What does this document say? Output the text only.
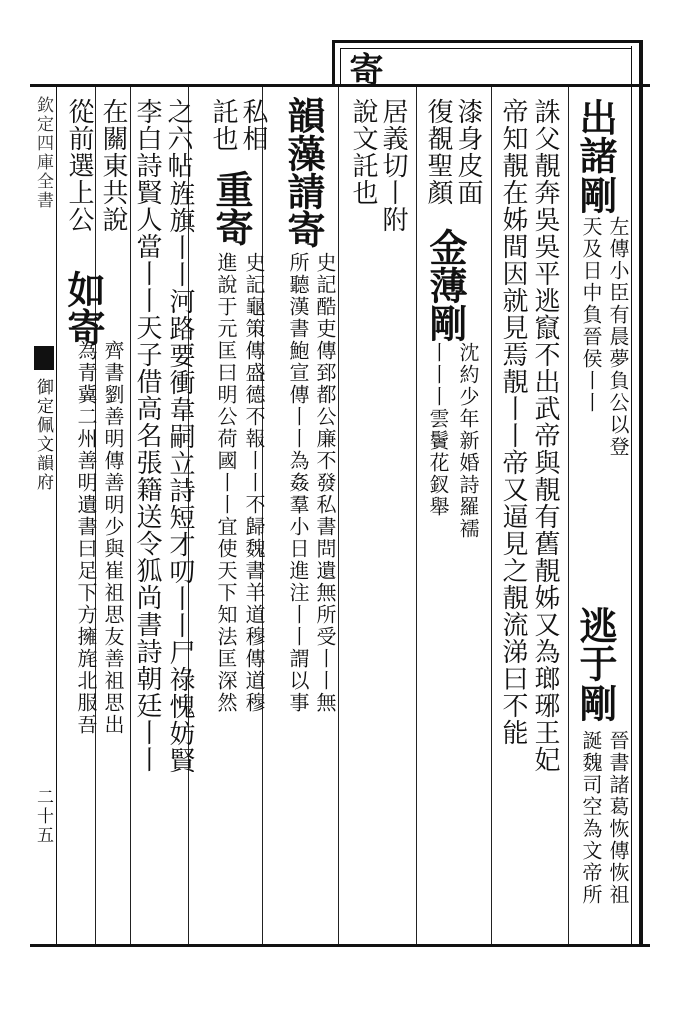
寄
欽定四庫全書
御定佩文韻府
二十五
出諸
剛
左傳小臣有晨夢負公以登
天及日中負晉侯丨丨
逃于
剛
晉書諸葛恢傳恢祖
誕魏司空為文帝所
誅父靚奔吳吳平逃竄不出武帝與靚有舊靚姊又為瑯琊王妃
帝知靚在姊間因就見焉靚丨丨帝又逼見之靚流涕曰不能
漆身皮面
復覩聖顏
金薄剛
沈約少年新婚詩羅襦
丨丨丨雲鬢花釵舉
居義切丨附
說文託也
韻藻請寄
史記酷吏傳郅都公廉不發私書問遺無所受丨丨無
所聽漢書鮑宣傳丨丨為姦羣小日進注丨丨謂以事
私相
重寄
史記龜策傳盛德不報丨丨不歸魏書羊道穆傳道穆
進說于元匡曰明公荷國丨丨宜使天下知法匡深然
託也
之六帖
旌旗丨丨河路要衝韋嗣立詩短才叨丨丨尸祿愧妨賢
李白詩賢人當丨丨天子借高名張籍送令狐尚書詩朝廷丨丨
在關東共說
如寄
齊書劉善明傳善明少與崔祖思友善祖思出
為青冀二州善明遺書曰足下方擁旄北服吾
從前選上公
